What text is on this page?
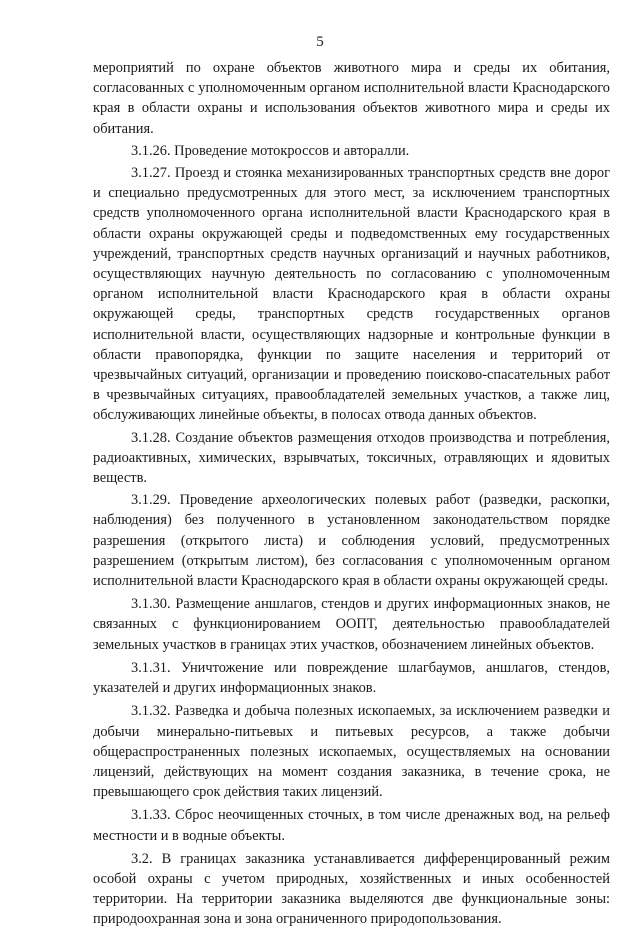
5

мероприятий по охране объектов животного мира и среды их обитания, согласованных с уполномоченным органом исполнительной власти Краснодарского края в области охраны и использования объектов животного мира и среды их обитания.

3.1.26. Проведение мотокроссов и авторалли.

3.1.27. Проезд и стоянка механизированных транспортных средств вне дорог и специально предусмотренных для этого мест, за исключением транспортных средств уполномоченного органа исполнительной власти Краснодарского края в области охраны окружающей среды и подведомственных ему государственных учреждений, транспортных средств научных организаций и научных работников, осуществляющих научную деятельность по согласованию с уполномоченным органом исполнительной власти Краснодарского края в области охраны окружающей среды, транспортных средств государственных органов исполнительной власти, осуществляющих надзорные и контрольные функции в области правопорядка, функции по защите населения и территорий от чрезвычайных ситуаций, организации и проведению поисково-спасательных работ в чрезвычайных ситуациях, правообладателей земельных участков, а также лиц, обслуживающих линейные объекты, в полосах отвода данных объектов.

3.1.28. Создание объектов размещения отходов производства и потребления, радиоактивных, химических, взрывчатых, токсичных, отравляющих и ядовитых веществ.

3.1.29. Проведение археологических полевых работ (разведки, раскопки, наблюдения) без полученного в установленном законодательством порядке разрешения (открытого листа) и соблюдения условий, предусмотренных разрешением (открытым листом), без согласования с уполномоченным органом исполнительной власти Краснодарского края в области охраны окружающей среды.

3.1.30. Размещение аншлагов, стендов и других информационных знаков, не связанных с функционированием ООПТ, деятельностью правообладателей земельных участков в границах этих участков, обозначением линейных объектов.

3.1.31. Уничтожение или повреждение шлагбаумов, аншлагов, стендов, указателей и других информационных знаков.

3.1.32. Разведка и добыча полезных ископаемых, за исключением разведки и добычи минерально-питьевых и питьевых ресурсов, а также добычи общераспространенных полезных ископаемых, осуществляемых на основании лицензий, действующих на момент создания заказника, в течение срока, не превышающего срок действия таких лицензий.

3.1.33. Сброс неочищенных сточных, в том числе дренажных вод, на рельеф местности и в водные объекты.

3.2. В границах заказника устанавливается дифференцированный режим особой охраны с учетом природных, хозяйственных и иных особенностей территории. На территории заказника выделяются две функциональные зоны: природоохранная зона и зона ограниченного природопользования.
